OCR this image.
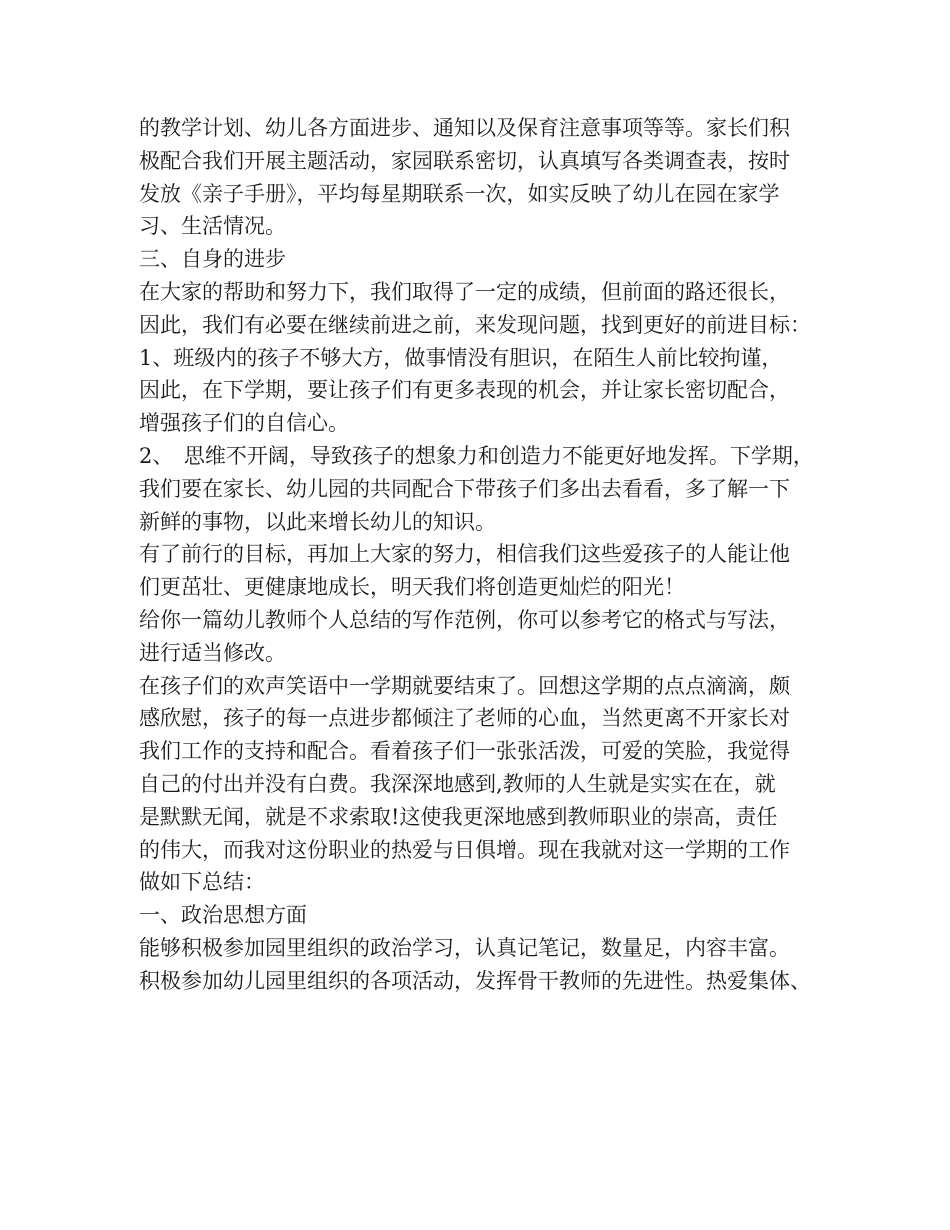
的教学计划、幼儿各方面进步、通知以及保育注意事项等等。家长们积
极配合我们开展主题活动，家园联系密切，认真填写各类调查表，按时
发放《亲子手册》，平均每星期联系一次，如实反映了幼儿在园在家学
习、生活情况。
三、自身的进步
在大家的帮助和努力下，我们取得了一定的成绩，但前面的路还很长，
因此，我们有必要在继续前进之前，来发现问题，找到更好的前进目标：
1、班级内的孩子不够大方，做事情没有胆识，在陌生人前比较拘谨，
因此，在下学期，要让孩子们有更多表现的机会，并让家长密切配合，
增强孩子们的自信心。
2、　思维不开阔，导致孩子的想象力和创造力不能更好地发挥。下学期，
我们要在家长、幼儿园的共同配合下带孩子们多出去看看，多了解一下
新鲜的事物，以此来增长幼儿的知识。
有了前行的目标，再加上大家的努力，相信我们这些爱孩子的人能让他
们更茁壮、更健康地成长，明天我们将创造更灿烂的阳光！
给你一篇幼儿教师个人总结的写作范例，你可以参考它的格式与写法，
进行适当修改。
在孩子们的欢声笑语中一学期就要结束了。回想这学期的点点滴滴，颇
感欣慰，孩子的每一点进步都倾注了老师的心血，当然更离不开家长对
我们工作的支持和配合。看着孩子们一张张活泼，可爱的笑脸，我觉得
自己的付出并没有白费。我深深地感到,教师的人生就是实实在在，就
是默默无闻，就是不求索取!这使我更深地感到教师职业的崇高，责任
的伟大，而我对这份职业的热爱与日俱增。现在我就对这一学期的工作
做如下总结：
一、政治思想方面
能够积极参加园里组织的政治学习，认真记笔记，数量足，内容丰富。
积极参加幼儿园里组织的各项活动，发挥骨干教师的先进性。热爱集体、
